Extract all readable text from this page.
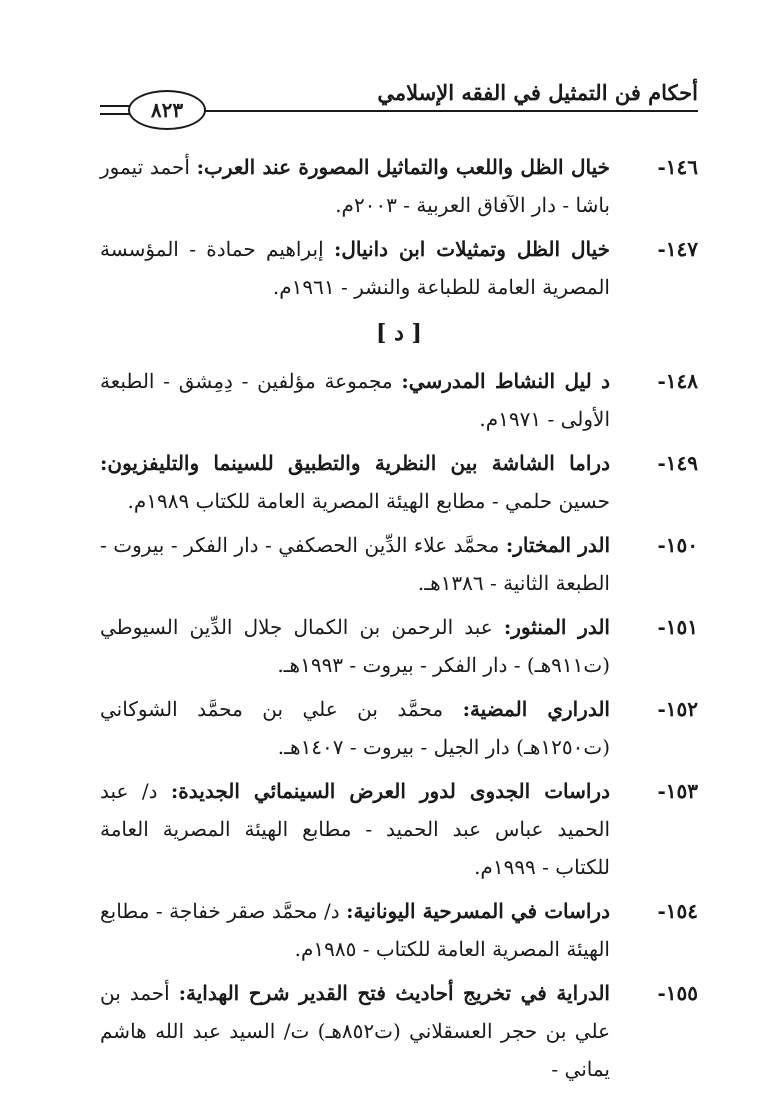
أحكام فن التمثيل في الفقه الإسلامي
٨٢٣
١٤٦-
خيال الظل واللعب والتماثيل المصورة عند العرب: أحمد تيمور باشا - دار الآفاق العربية - ٢٠٠٣م.
١٤٧-
خيال الظل وتمثيلات ابن دانيال: إبراهيم حمادة - المؤسسة المصرية العامة للطباعة والنشر - ١٩٦١م.
[ د ]
١٤٨-
د ليل النشاط المدرسي: مجموعة مؤلفين - دِمِشق - الطبعة الأولى - ١٩٧١م.
١٤٩-
دراما الشاشة بين النظرية والتطبيق للسينما والتليفزيون: حسين حلمي - مطابع الهيئة المصرية العامة للكتاب ١٩٨٩م.
١٥٠-
الدر المختار: محمَّد علاء الدِّين الحصكفي - دار الفكر - بيروت - الطبعة الثانية - ١٣٨٦هـ.
١٥١-
الدر المنثور: عبد الرحمن بن الكمال جلال الدِّين السيوطي (ت٩١١هـ) - دار الفكر - بيروت - ١٩٩٣هـ.
١٥٢-
الدراري المضية: محمَّد بن علي بن محمَّد الشوكاني (ت١٢٥٠هـ) دار الجيل - بيروت - ١٤٠٧هـ.
١٥٣-
دراسات الجدوى لدور العرض السينمائي الجديدة: د/ عبد الحميد عباس عبد الحميد - مطابع الهيئة المصرية العامة للكتاب - ١٩٩٩م.
١٥٤-
دراسات في المسرحية اليونانية: د/ محمَّد صقر خفاجة - مطابع الهيئة المصرية العامة للكتاب - ١٩٨٥م.
١٥٥-
الدراية في تخريج أحاديث فتح القدير شرح الهداية: أحمد بن علي بن حجر العسقلاني (ت٨٥٢هـ) ت/ السيد عبد الله هاشم يماني -
